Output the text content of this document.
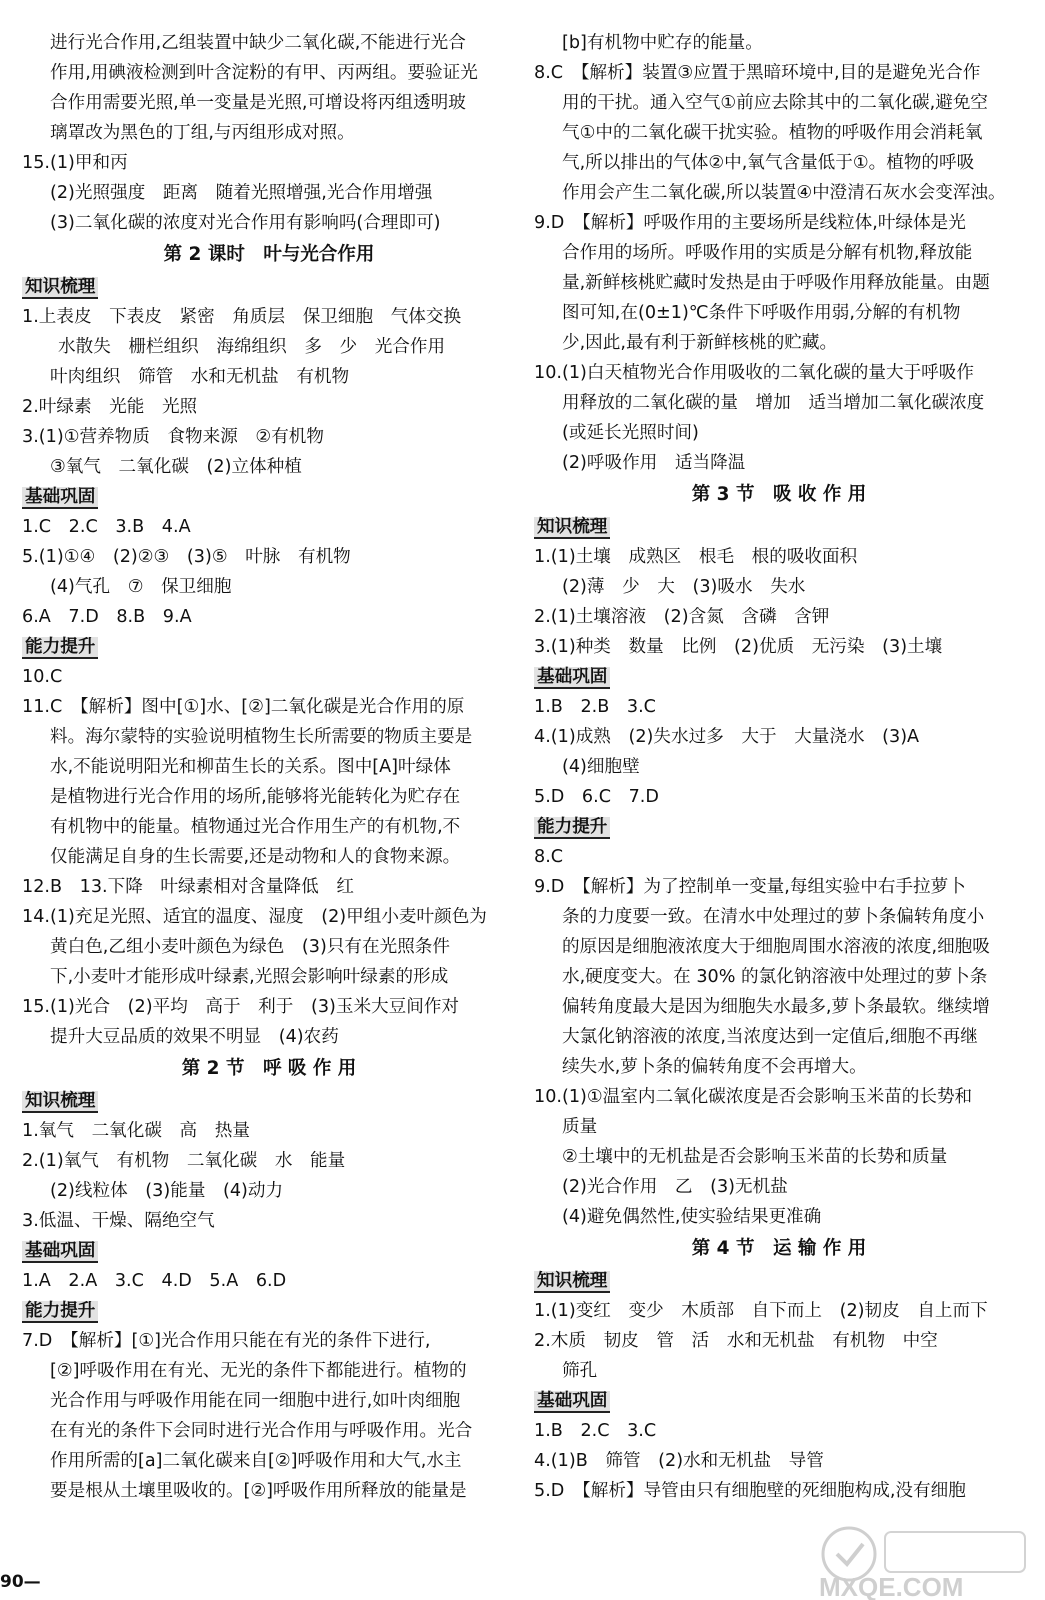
进行光合作用,乙组装置中缺少二氧化碳,不能进行光合
作用,用碘液检测到叶含淀粉的有甲、丙两组。要验证光
合作用需要光照,单一变量是光照,可增设将丙组透明玻
璃罩改为黑色的丁组,与丙组形成对照。
15.(1)甲和丙
(2)光照强度　距离　随着光照增强,光合作用增强
(3)二氧化碳的浓度对光合作用有影响吗(合理即可)
第 2 课时　叶与光合作用
知识梳理
1.上表皮　下表皮　紧密　角质层　保卫细胞　气体交换
水散失　栅栏组织　海绵组织　多　少　光合作用
叶肉组织　筛管　水和无机盐　有机物
2.叶绿素　光能　光照
3.(1)①营养物质　食物来源　②有机物
③氧气　二氧化碳　(2)立体种植
基础巩固
1.C　2.C　3.B　4.A
5.(1)①④　(2)②③　(3)⑤　叶脉　有机物
(4)气孔　⑦　保卫细胞
6.A　7.D　8.B　9.A
能力提升
10.C
11.C　【解析】图中[①]水、[②]二氧化碳是光合作用的原
料。海尔蒙特的实验说明植物生长所需要的物质主要是
水,不能说明阳光和柳苗生长的关系。图中[A]叶绿体
是植物进行光合作用的场所,能够将光能转化为贮存在
有机物中的能量。植物通过光合作用生产的有机物,不
仅能满足自身的生长需要,还是动物和人的食物来源。
12.B　13.下降　叶绿素相对含量降低　红
14.(1)充足光照、适宜的温度、湿度　(2)甲组小麦叶颜色为
黄白色,乙组小麦叶颜色为绿色　(3)只有在光照条件
下,小麦叶才能形成叶绿素,光照会影响叶绿素的形成
15.(1)光合　(2)平均　高于　利于　(3)玉米大豆间作对
提升大豆品质的效果不明显　(4)农药
第 2 节　呼 吸 作 用
知识梳理
1.氧气　二氧化碳　高　热量
2.(1)氧气　有机物　二氧化碳　水　能量
(2)线粒体　(3)能量　(4)动力
3.低温、干燥、隔绝空气
基础巩固
1.A　2.A　3.C　4.D　5.A　6.D
能力提升
7.D　【解析】[①]光合作用只能在有光的条件下进行,
[②]呼吸作用在有光、无光的条件下都能进行。植物的
光合作用与呼吸作用能在同一细胞中进行,如叶肉细胞
在有光的条件下会同时进行光合作用与呼吸作用。光合
作用所需的[a]二氧化碳来自[②]呼吸作用和大气,水主
要是根从土壤里吸收的。[②]呼吸作用所释放的能量是
[b]有机物中贮存的能量。
8.C　【解析】装置③应置于黑暗环境中,目的是避免光合作
用的干扰。通入空气①前应去除其中的二氧化碳,避免空
气①中的二氧化碳干扰实验。植物的呼吸作用会消耗氧
气,所以排出的气体②中,氧气含量低于①。植物的呼吸
作用会产生二氧化碳,所以装置④中澄清石灰水会变浑浊。
9.D　【解析】呼吸作用的主要场所是线粒体,叶绿体是光
合作用的场所。呼吸作用的实质是分解有机物,释放能
量,新鲜核桃贮藏时发热是由于呼吸作用释放能量。由题
图可知,在(0±1)℃条件下呼吸作用弱,分解的有机物
少,因此,最有利于新鲜核桃的贮藏。
10.(1)白天植物光合作用吸收的二氧化碳的量大于呼吸作
用释放的二氧化碳的量　增加　适当增加二氧化碳浓度
(或延长光照时间)
(2)呼吸作用　适当降温
第 3 节　吸 收 作 用
知识梳理
1.(1)土壤　成熟区　根毛　根的吸收面积
(2)薄　少　大　(3)吸水　失水
2.(1)土壤溶液　(2)含氮　含磷　含钾
3.(1)种类　数量　比例　(2)优质　无污染　(3)土壤
基础巩固
1.B　2.B　3.C
4.(1)成熟　(2)失水过多　大于　大量浇水　(3)A
(4)细胞壁
5.D　6.C　7.D
能力提升
8.C
9.D　【解析】为了控制单一变量,每组实验中右手拉萝卜
条的力度要一致。在清水中处理过的萝卜条偏转角度小
的原因是细胞液浓度大于细胞周围水溶液的浓度,细胞吸
水,硬度变大。在 30% 的氯化钠溶液中处理过的萝卜条
偏转角度最大是因为细胞失水最多,萝卜条最软。继续增
大氯化钠溶液的浓度,当浓度达到一定值后,细胞不再继
续失水,萝卜条的偏转角度不会再增大。
10.(1)①温室内二氧化碳浓度是否会影响玉米苗的长势和
质量
②土壤中的无机盐是否会影响玉米苗的长势和质量
(2)光合作用　乙　(3)无机盐
(4)避免偶然性,使实验结果更准确
第 4 节　运 输 作 用
知识梳理
1.(1)变红　变少　木质部　自下而上　(2)韧皮　自上而下
2.木质　韧皮　管　活　水和无机盐　有机物　中空
筛孔
基础巩固
1.B　2.C　3.C
4.(1)B　筛管　(2)水和无机盐　导管
5.D　【解析】导管由只有细胞壁的死细胞构成,没有细胞
90—	MXQE.COM
